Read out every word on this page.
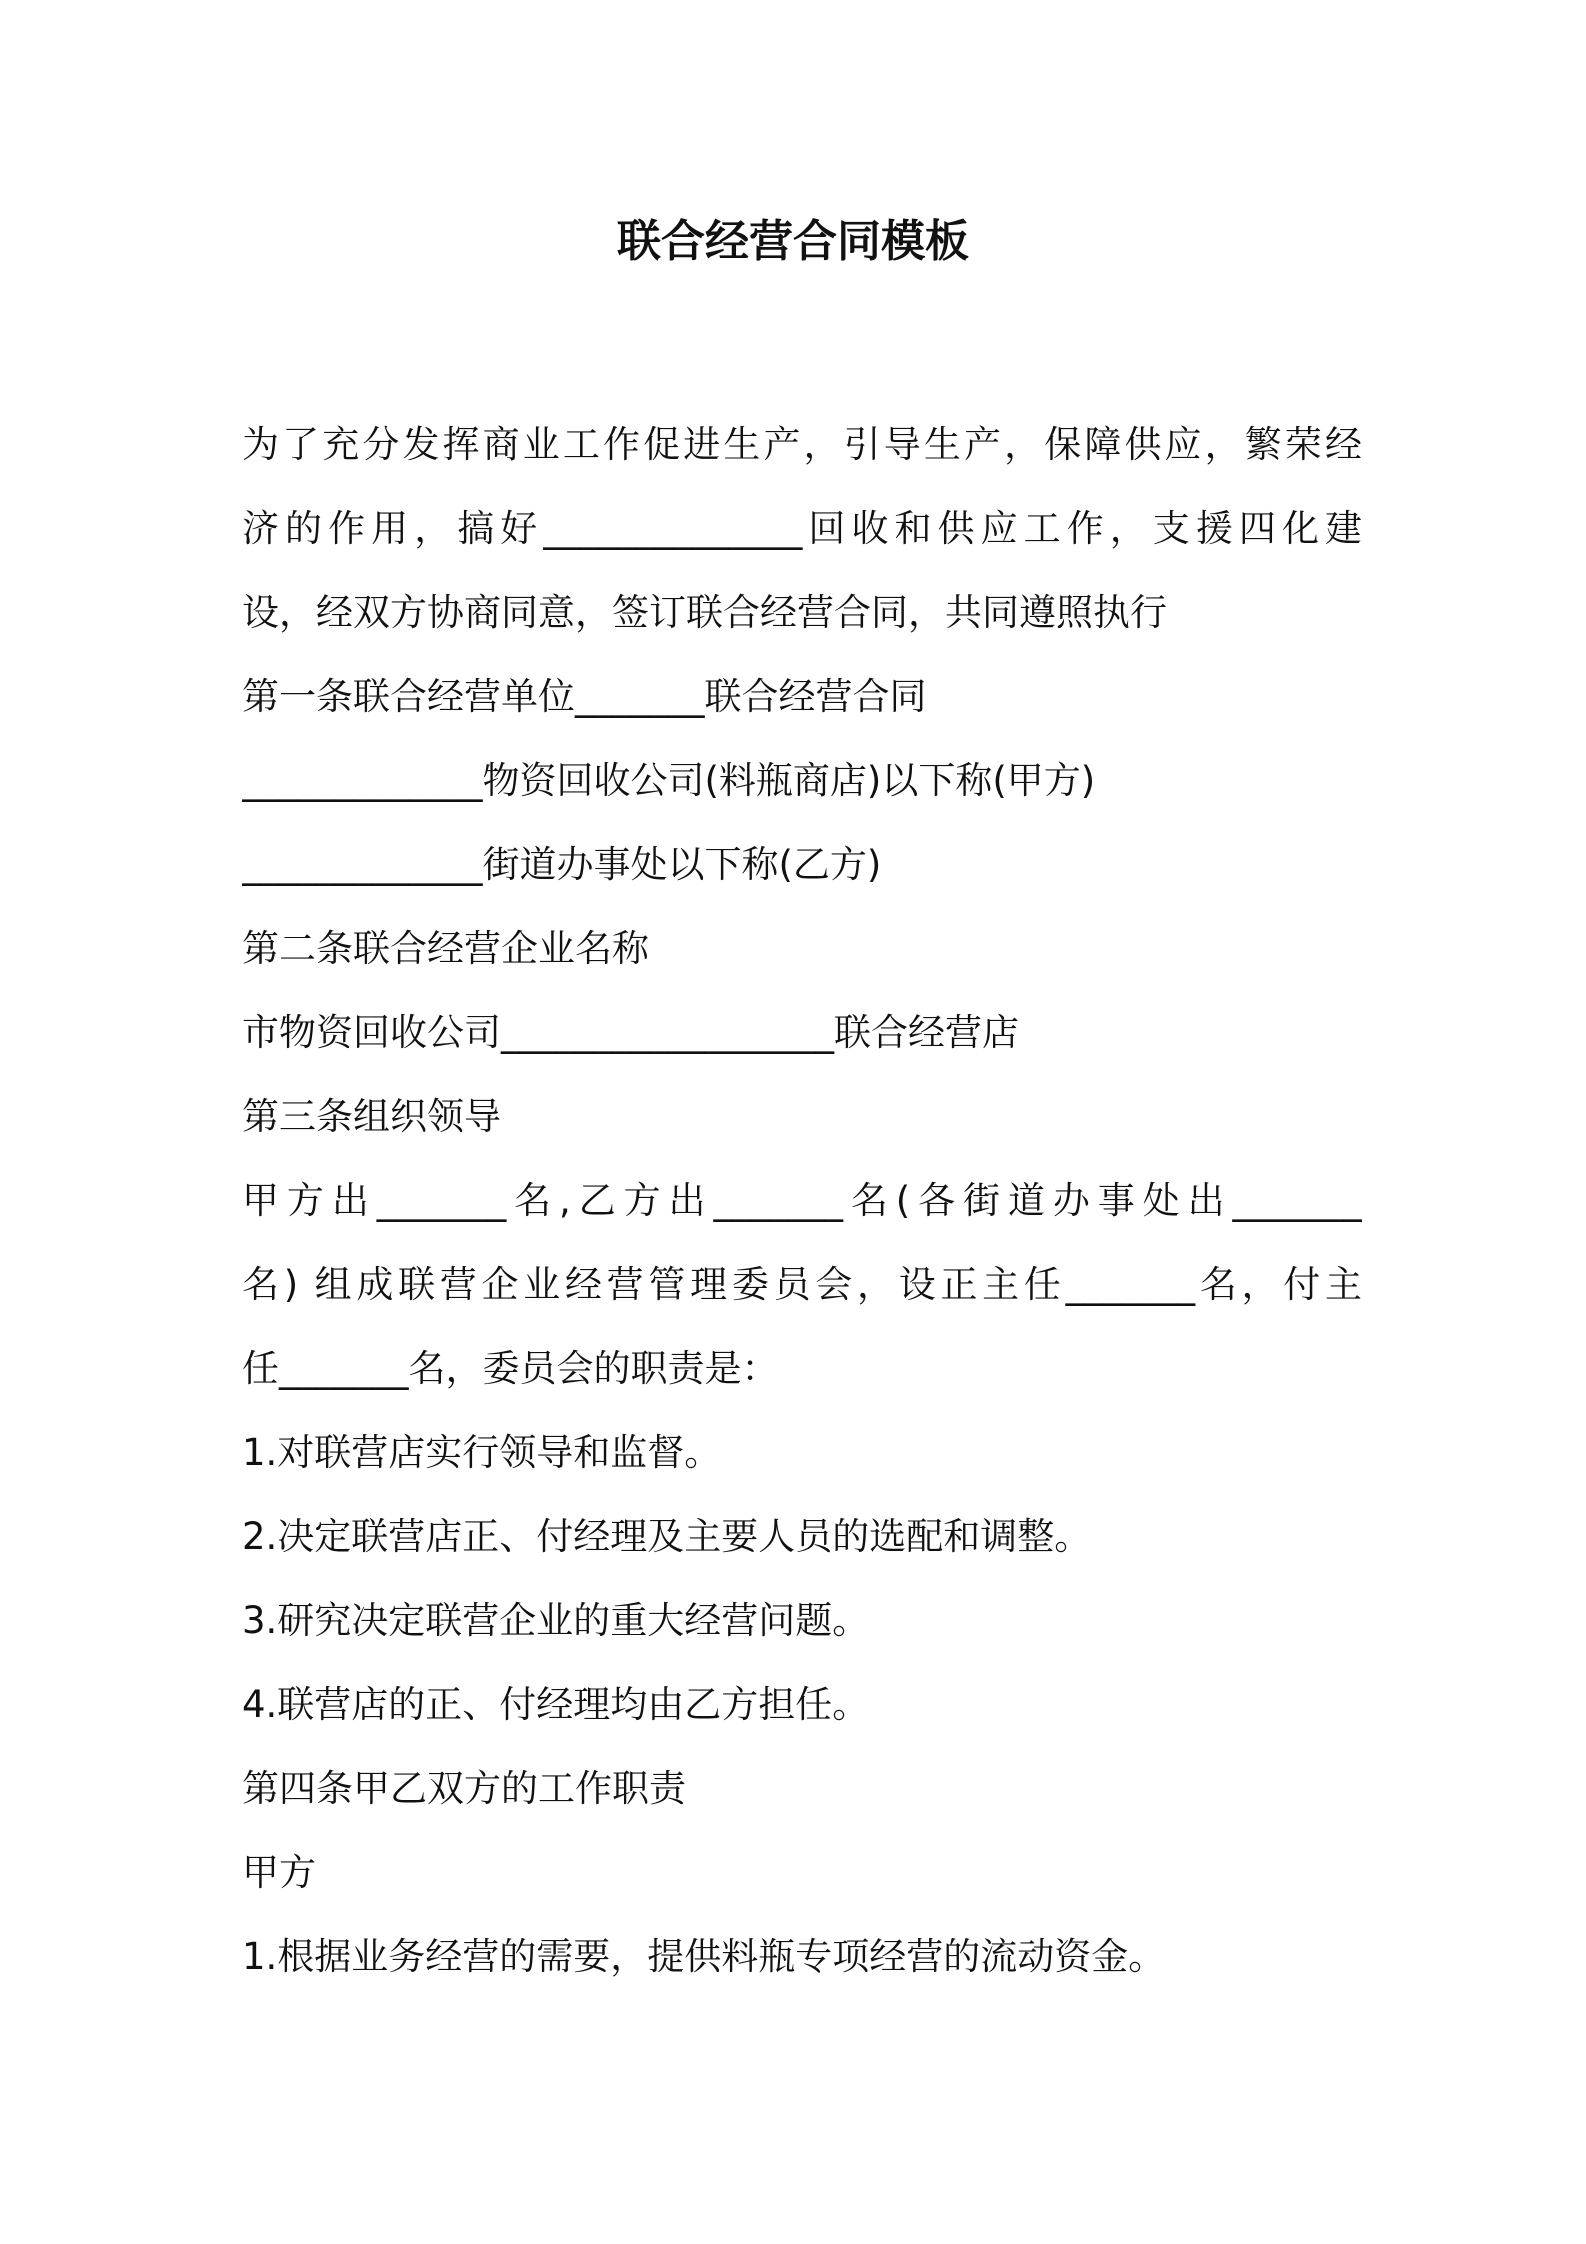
联合经营合同模板
为了充分发挥商业工作促进生产，引导生产，保障供应，繁荣经
济的作用，搞好______________回收和供应工作，支援四化建
设，经双方协商同意，签订联合经营合同，共同遵照执行
第一条联合经营单位_______联合经营合同
_____________物资回收公司(料瓶商店)以下称(甲方)
_____________街道办事处以下称(乙方)
第二条联合经营企业名称
市物资回收公司__________________联合经营店
第三条组织领导
甲方出_______名,乙方出_______名(各街道办事处出_______
名) 组成联营企业经营管理委员会，设正主任_______名，付主
任_______名，委员会的职责是：
1.对联营店实行领导和监督。
2.决定联营店正、付经理及主要人员的选配和调整。
3.研究决定联营企业的重大经营问题。
4.联营店的正、付经理均由乙方担任。
第四条甲乙双方的工作职责
甲方
1.根据业务经营的需要，提供料瓶专项经营的流动资金。
